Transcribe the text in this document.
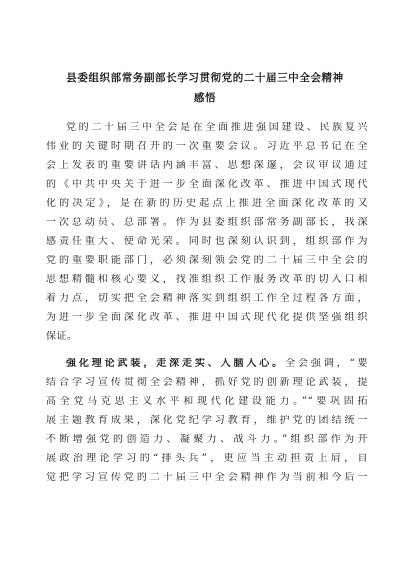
县委组织部常务副部长学习贯彻党的二十届三中全会精神
感悟
党的二十届三中全会是在全面推进强国建设、民族复兴
伟业的关键时期召开的一次重要会议。习近平总书记在全
会上发表的重要讲话内涵丰富、思想深邃，会议审议通过
的《中共中央关于进一步全面深化改革、推进中国式现代
化的决定》，是在新的历史起点上推进全面深化改革的又
一次总动员、总部署。作为县委组织部常务副部长，我深
感责任重大、使命光荣。同时也深刻认识到，组织部作为
党的重要职能部门，必须深刻领会党的二十届三中全会的
思想精髓和核心要义，找准组织工作服务改革的切入口和
着力点，切实把全会精神落实到组织工作全过程各方面，
为进一步全面深化改革、推进中国式现代化提供坚强组织
保证。
强化理论武装，走深走实、入脑入心。全会强调，“要
结合学习宣传贯彻全会精神，抓好党的创新理论武装，提
高全党马克思主义水平和现代化建设能力。”“要巩固拓
展主题教育成果，深化党纪学习教育，维护党的团结统一
不断增强党的创造力、凝聚力、战斗力。”组织部作为开
展政治理论学习的“排头兵”，更应当主动担责上肩，自
觉把学习宣传党的二十届三中全会精神作为当前和今后一
